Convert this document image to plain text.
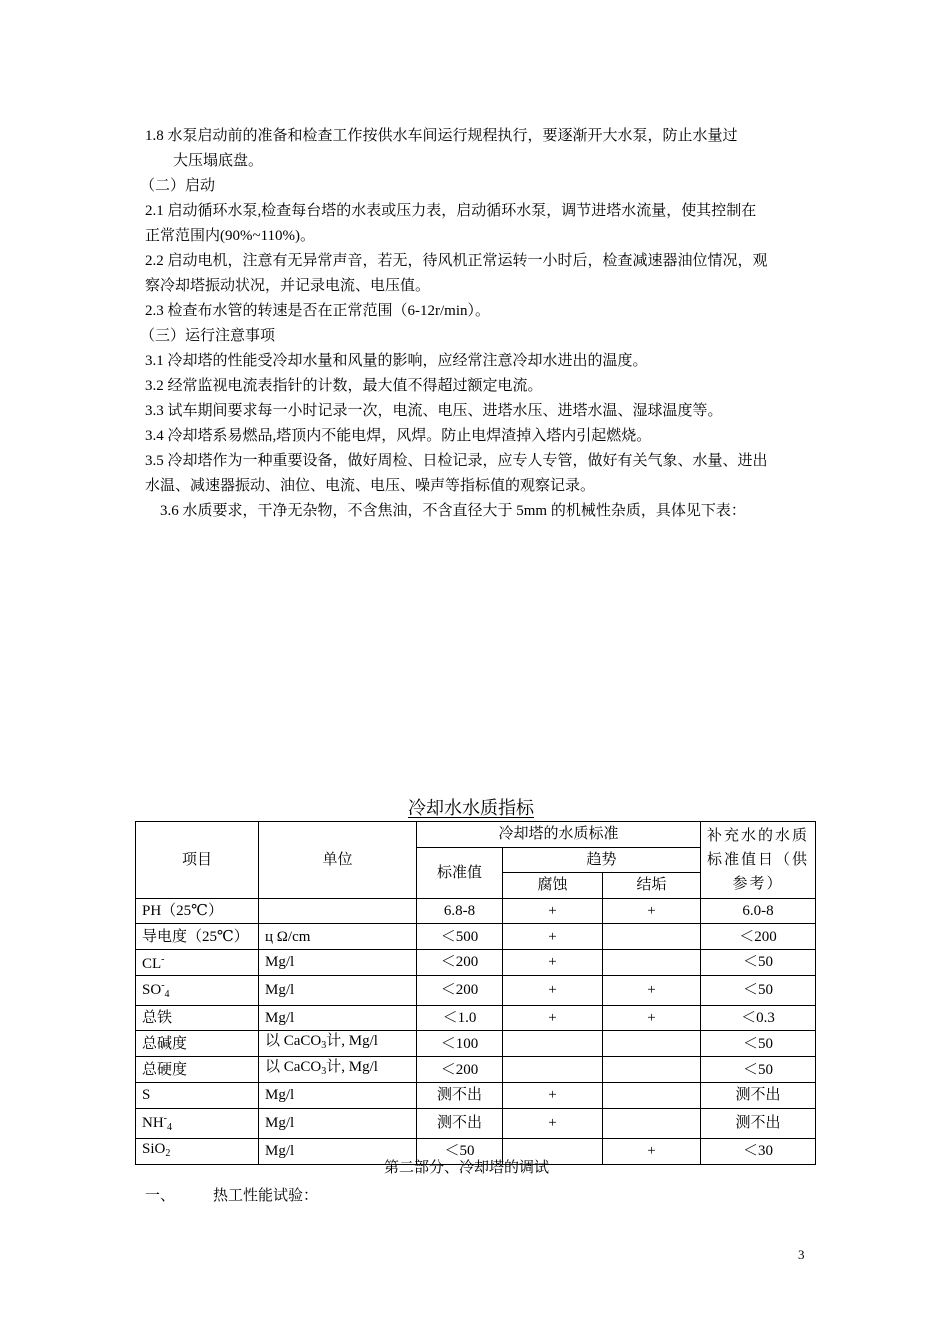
1.8 水泵启动前的准备和检查工作按供水车间运行规程执行，要逐渐开大水泵，防止水量过
大压塌底盘。
（二）启动
2.1 启动循环水泵,检查每台塔的水表或压力表，启动循环水泵，调节进塔水流量，使其控制在
正常范围内(90%~110%)。
2.2 启动电机，注意有无异常声音，若无，待风机正常运转一小时后，检查减速器油位情况，观
察冷却塔振动状况，并记录电流、电压值。
2.3 检查布水管的转速是否在正常范围（6-12r/min）。
（三）运行注意事项
3.1 冷却塔的性能受冷却水量和风量的影响，应经常注意冷却水进出的温度。
3.2 经常监视电流表指针的计数，最大值不得超过额定电流。
3.3 试车期间要求每一小时记录一次，电流、电压、进塔水压、进塔水温、湿球温度等。
3.4 冷却塔系易燃品,塔顶内不能电焊，风焊。防止电焊渣掉入塔内引起燃烧。
3.5 冷却塔作为一种重要设备，做好周检、日检记录，应专人专管，做好有关气象、水量、进出
水温、减速器振动、油位、电流、电压、噪声等指标值的观察记录。
3.6 水质要求，干净无杂物，不含焦油，不含直径大于 5mm 的机械性杂质，具体见下表：
冷却水水质指标
项目	单位	冷却塔的水质标准			补充水的水质标准值日（供参考）
		标准值	趋势		
			腐蚀	结垢	
PH（25℃）		6.8-8	+	+	6.0-8
导电度（25℃）	ц Ω/cm	＜500	+		＜200
CL-	Mg/l	＜200	+		＜50
$SO^-_4$	Mg/l	＜200	+	+	＜50
总铁	Mg/l	＜1.0	+	+	＜0.3
总碱度	以 CaCO$_3$计, Mg/l	＜100			＜50
总硬度	以 CaCO$_3$计, Mg/l	＜200			＜50
S	Mg/l	测不出	+		测不出
$NH^-_4$	Mg/l	测不出	+		测不出
SiO$_2$	Mg/l	＜50		+	＜30
第二部分、冷却塔的调试
一、	热工性能试验：
3
